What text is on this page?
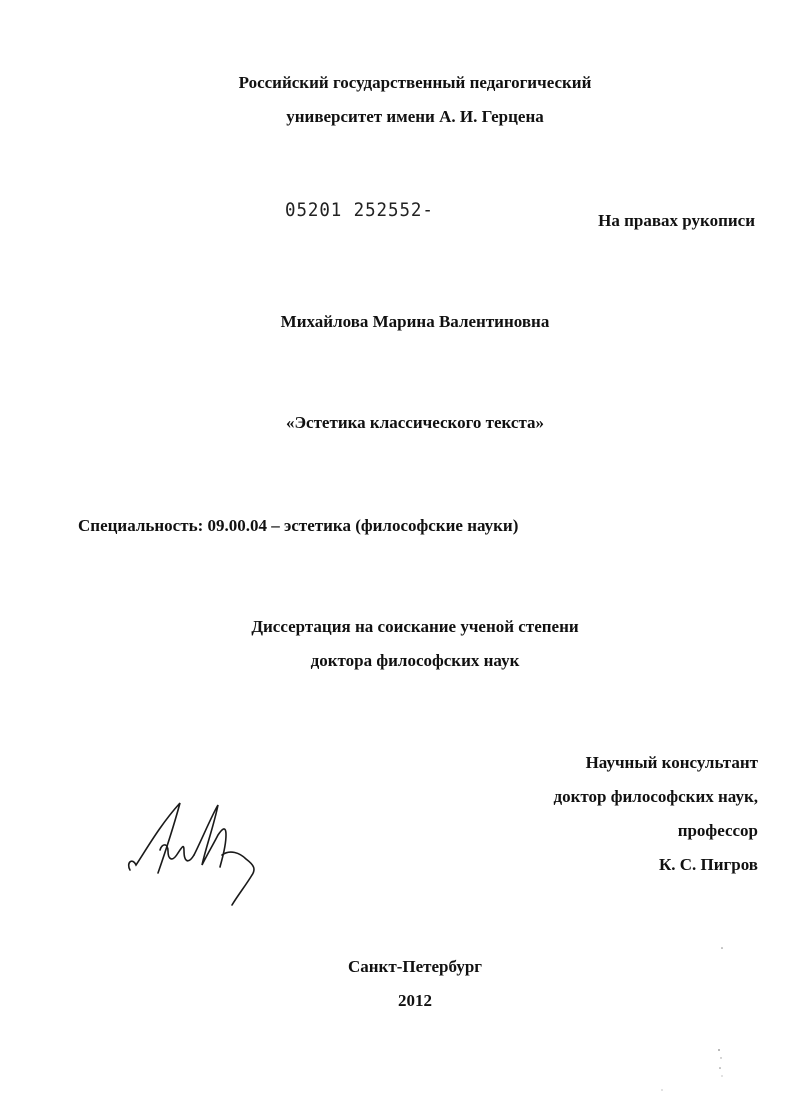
Российский государственный педагогический
университет имени А. И. Герцена
05201 252552-	На правах рукописи
Михайлова Марина Валентиновна
«Эстетика классического текста»
Специальность: 09.00.04 – эстетика (философские науки)
Диссертация на соискание ученой степени
доктора философских наук
Научный консультант
доктор философских наук,
профессор
К. С. Пигров
Санкт-Петербург
2012
